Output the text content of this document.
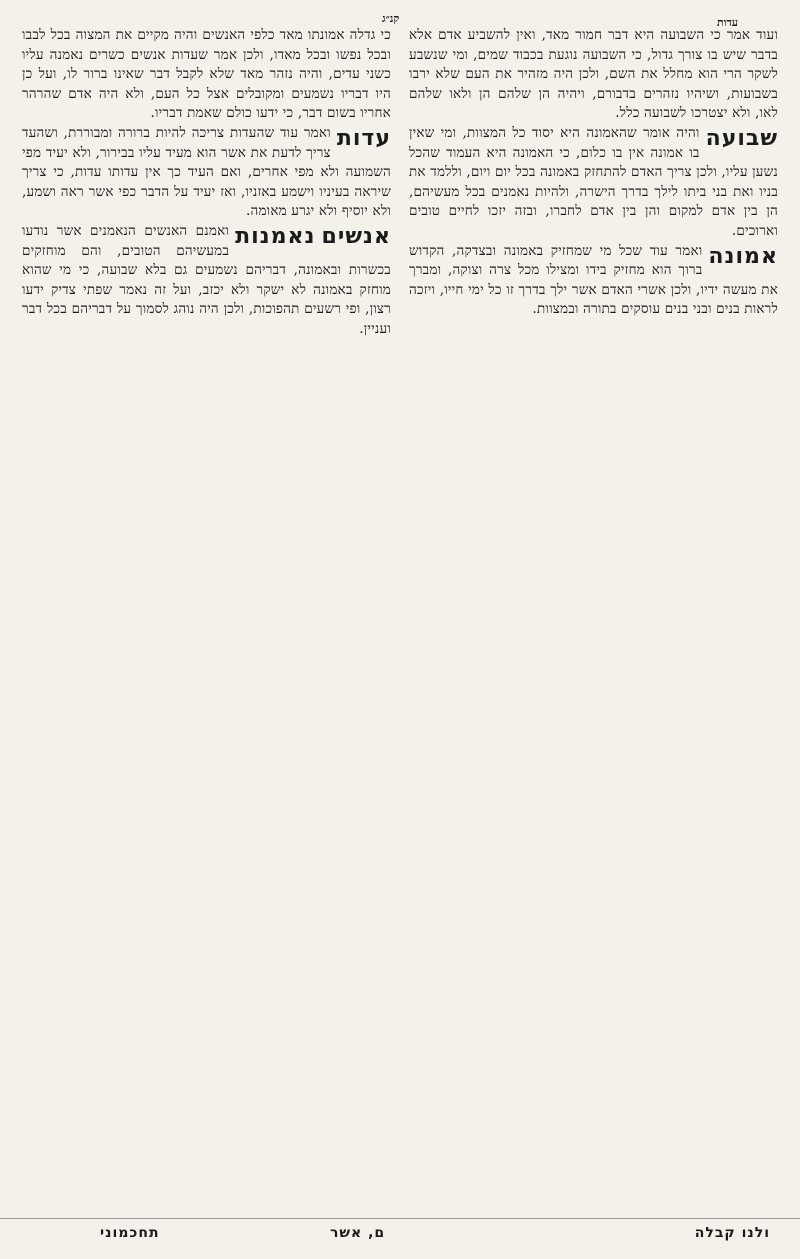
קנ״ג	עדות

ועוד אמר כי השבועה היא דבר חמור מאד, ואין להשביע אדם אלא בדבר שיש בו צורך גדול, כי השבועה נוגעת בכבוד שמים, ומי שנשבע לשקר הרי הוא מחלל את השם, ולכן היה מזהיר את העם שלא ירבו בשבועות, ושיהיו נזהרים בדבורם, ויהיה הן שלהם הן ולאו שלהם לאו, ולא יצטרכו לשבועה כלל.

שבועה
והיה אומר שהאמונה היא יסוד כל המצוות, ומי שאין בו אמונה אין בו כלום, כי האמונה היא העמוד שהכל נשען עליו, ולכן צריך האדם להתחזק באמונה בכל יום ויום, וללמד את בניו ואת בני ביתו לילך בדרך הישרה, ולהיות נאמנים בכל מעשיהם, הן בין אדם למקום והן בין אדם לחברו, ובזה יזכו לחיים טובים וארוכים.

אמונה
ואמר עוד שכל מי שמחזיק באמונה ובצדקה, הקדוש ברוך הוא מחזיק בידו ומצילו מכל צרה וצוקה, ומברך את מעשה ידיו, ולכן אשרי האדם אשר ילך בדרך זו כל ימי חייו, ויזכה לראות בנים ובני בנים עוסקים בתורה ובמצוות.

כי גדלה אמונתו מאד כלפי האנשים והיה מקיים את המצוה בכל לבבו ובכל נפשו ובכל מאדו, ולכן אמר שעדות אנשים כשרים נאמנה עליו כשני עדים, והיה נזהר מאד שלא לקבל דבר שאינו ברור לו, ועל כן היו דבריו נשמעים ומקובלים אצל כל העם, ולא היה אדם שהרהר אחריו בשום דבר, כי ידעו כולם שאמת דבריו.

עדות
ואמר עוד שהעדות צריכה להיות ברורה ומבוררת, ושהעד צריך לדעת את אשר הוא מעיד עליו בבירור, ולא יעיד מפי השמועה ולא מפי אחרים, ואם העיד כך אין עדותו עדות, כי צריך שיראה בעיניו וישמע באזניו, ואז יעיד על הדבר כפי אשר ראה ושמע, ולא יוסיף ולא יגרע מאומה.

אנשים
נאמנות
ואמנם האנשים הנאמנים אשר נודעו במעשיהם הטובים, והם מוחזקים בכשרות ובאמונה, דבריהם נשמעים גם בלא שבועה, כי מי שהוא מוחזק באמונה לא ישקר ולא יכזב, ועל זה נאמר שפתי צדיק ידעו רצון, ופי רשעים תהפוכות, ולכן היה נוהג לסמוך על דבריהם בכל דבר ועניין.

ולנו קבלה
ם, אשר
תחכמוני
